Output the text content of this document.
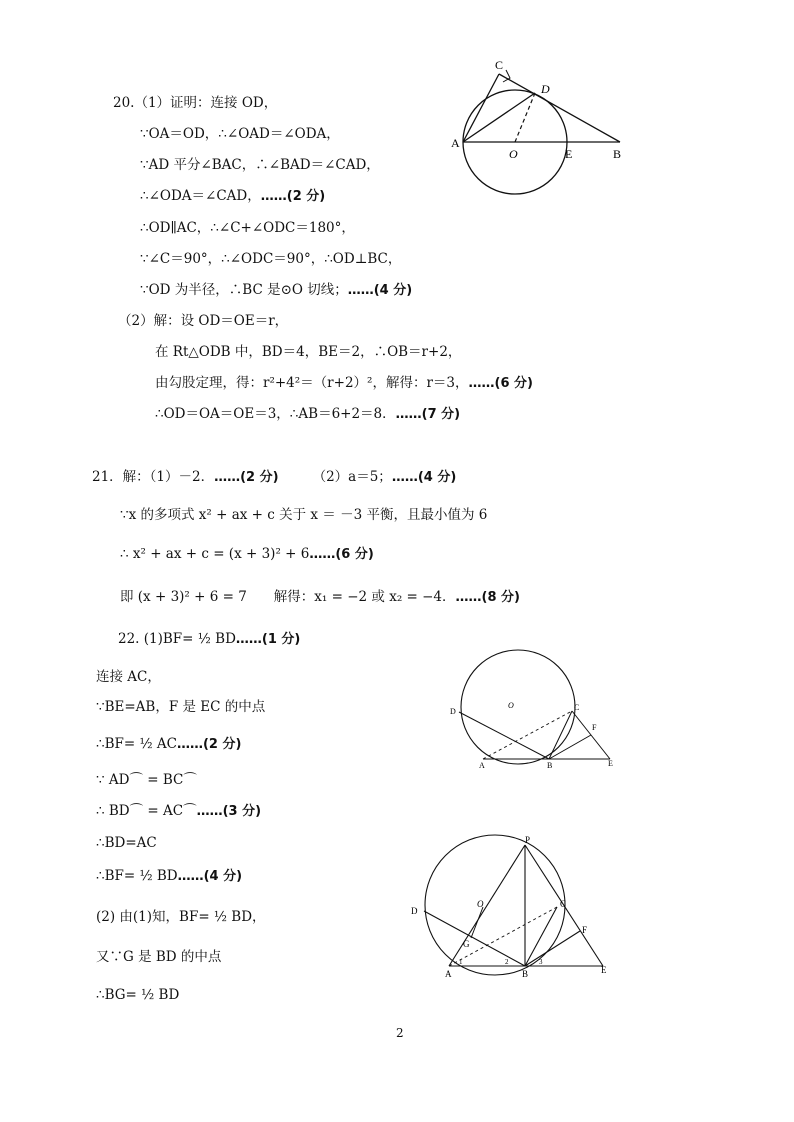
20.（1）证明：连接 OD，
∵OA＝OD，∴∠OAD＝∠ODA，
∵AD 平分∠BAC，∴∠BAD＝∠CAD，
∴∠ODA＝∠CAD，……(2 分)
∴OD∥AC，∴∠C+∠ODC＝180°，
∵∠C＝90°，∴∠ODC＝90°，∴OD⊥BC，
∵OD 为半径，∴BC 是⊙O 切线；……(4 分)
（2）解：设 OD＝OE＝r，
在 Rt△ODB 中，BD＝4，BE＝2，∴OB＝r+2，
由勾股定理，得：r²+4²＝（r+2）²，解得：r＝3，……(6 分)
∴OD＝OA＝OE＝3，∴AB＝6+2＝8．……(7 分)
C
D
A
O	E	B
21．解：（1）－2．……(2 分)	（2）a＝5；……(4 分)
∵x 的多项式 x² + ax + c 关于 x ＝ －3 平衡，且最小值为 6
∴ x² + ax + c = (x + 3)² + 6……(6 分)
即 (x + 3)² + 6 = 7　　解得：x₁ = −2 或 x₂ = −4．……(8 分)
22. (1)BF= ½ BD……(1 分)
连接 AC，
∵BE=AB，F 是 EC 的中点
∴BF= ½ AC……(2 分)
∵ AD⌒ = BC⌒
∴ BD⌒ = AC⌒……(3 分)
∴BD=AC
∴BF= ½ BD……(4 分)
(2) 由(1)知，BF= ½ BD，
又∵G 是 BD 的中点
∴BG= ½ BD
D
O	C
F
A	B	E
P
O
D
C
F
G
A
1	2
B
3
E
2
